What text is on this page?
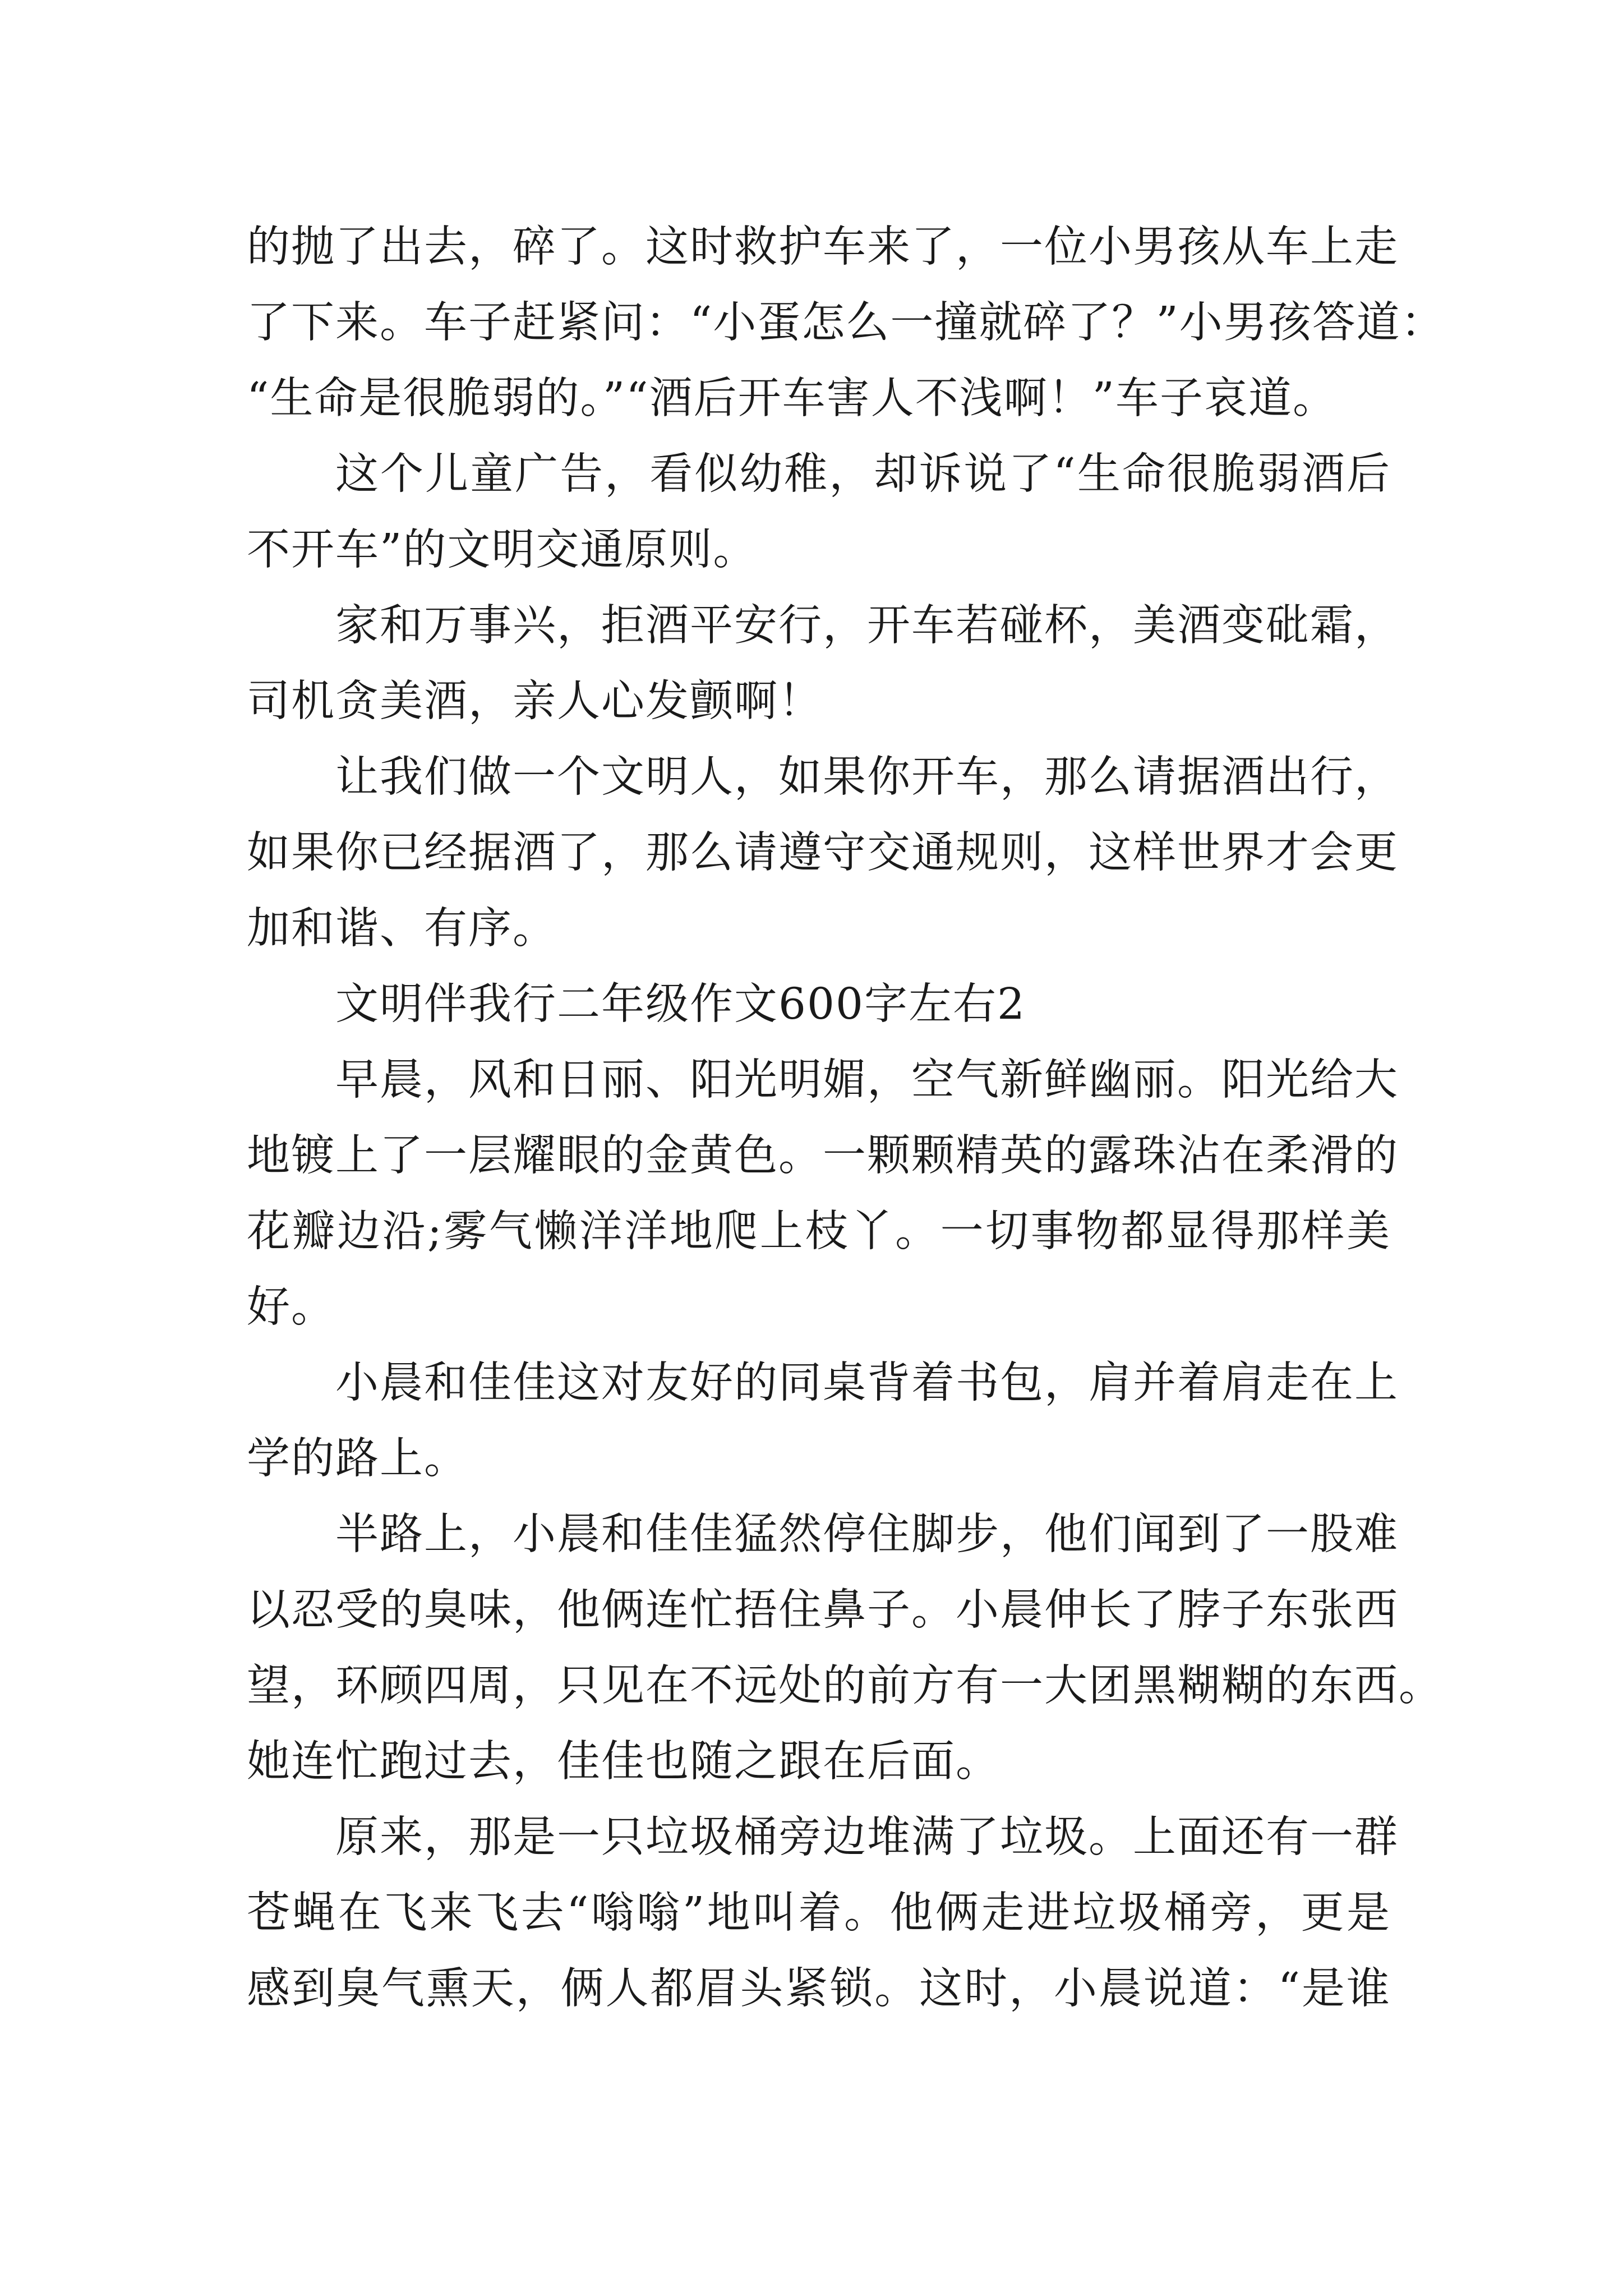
的抛了出去，碎了。这时救护车来了，一位小男孩从车上走
了下来。车子赶紧问：“小蛋怎么一撞就碎了？”小男孩答道：
“生命是很脆弱的。”“酒后开车害人不浅啊！”车子哀道。
这个儿童广告，看似幼稚，却诉说了“生命很脆弱酒后
不开车”的文明交通原则。
家和万事兴，拒酒平安行，开车若碰杯，美酒变砒霜，
司机贪美酒，亲人心发颤啊！
让我们做一个文明人，如果你开车，那么请据酒出行，
如果你已经据酒了，那么请遵守交通规则，这样世界才会更
加和谐、有序。
文明伴我行二年级作文600字左右2
早晨，风和日丽、阳光明媚，空气新鲜幽丽。阳光给大
地镀上了一层耀眼的金黄色。一颗颗精英的露珠沾在柔滑的
花瓣边沿;雾气懒洋洋地爬上枝丫。一切事物都显得那样美
好。
小晨和佳佳这对友好的同桌背着书包，肩并着肩走在上
学的路上。
半路上，小晨和佳佳猛然停住脚步，他们闻到了一股难
以忍受的臭味，他俩连忙捂住鼻子。小晨伸长了脖子东张西
望，环顾四周，只见在不远处的前方有一大团黑糊糊的东西。
她连忙跑过去，佳佳也随之跟在后面。
原来，那是一只垃圾桶旁边堆满了垃圾。上面还有一群
苍蝇在飞来飞去“嗡嗡”地叫着。他俩走进垃圾桶旁，更是
感到臭气熏天，俩人都眉头紧锁。这时，小晨说道：“是谁
